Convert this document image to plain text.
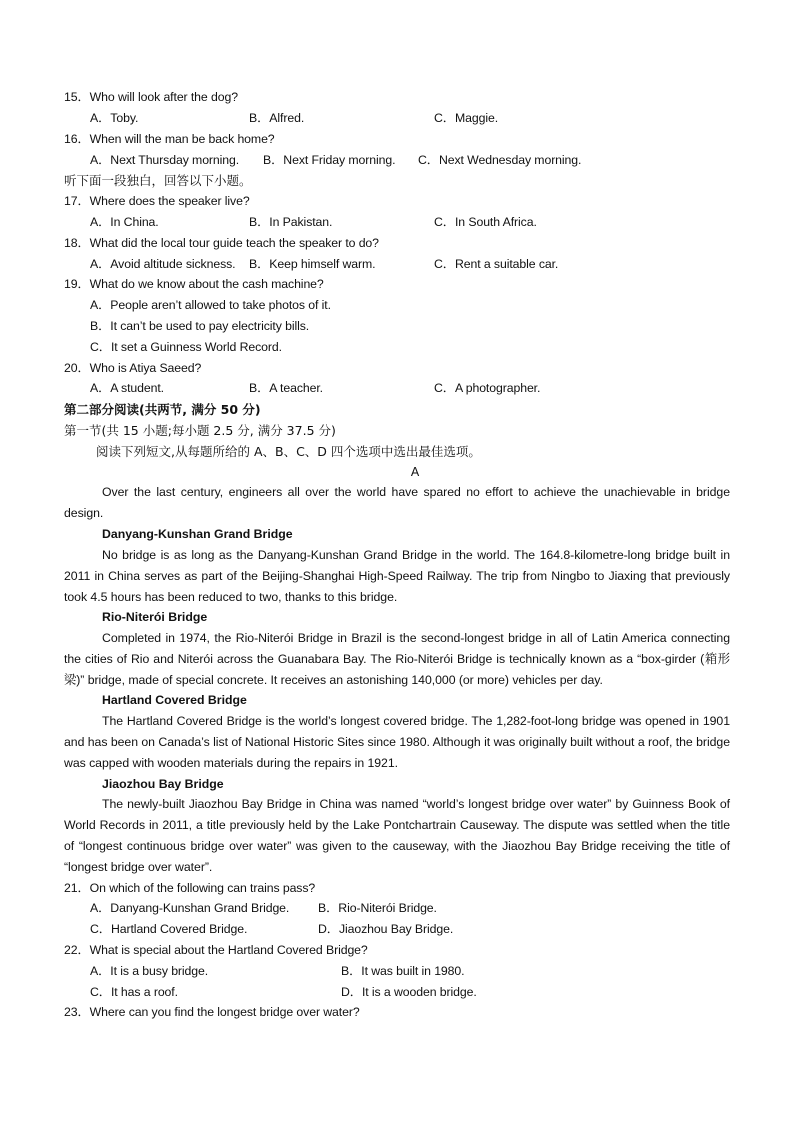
15．Who will look after the dog?
A．Toby.	B．Alfred.	C．Maggie.
16．When will the man be back home?
A．Next Thursday morning. B．Next Friday morning. C．Next Wednesday morning.
听下面一段独白，回答以下小题。
17．Where does the speaker live?
A．In China.	B．In Pakistan.	C．In South Africa.
18．What did the local tour guide teach the speaker to do?
A．Avoid altitude sickness. B．Keep himself warm.	C．Rent a suitable car.
19．What do we know about the cash machine?
A．People aren’t allowed to take photos of it.
B．It can’t be used to pay electricity bills.
C．It set a Guinness World Record.
20．Who is Atiya Saeed?
A．A student.	B．A teacher.	C．A photographer.
第二部分阅读(共两节, 满分 50 分)
第一节(共 15 小题;每小题 2.5 分, 满分 37.5 分)
阅读下列短文,从每题所给的 A、B、C、D 四个选项中选出最佳选项。
A
Over the last century, engineers all over the world have spared no effort to achieve the unachievable in bridge design.
Danyang-Kunshan Grand Bridge
No bridge is as long as the Danyang-Kunshan Grand Bridge in the world. The 164.8-kilometre-long bridge built in 2011 in China serves as part of the Beijing-Shanghai High-Speed Railway. The trip from Ningbo to Jiaxing that previously took 4.5 hours has been reduced to two, thanks to this bridge.
Rio-Niterói Bridge
Completed in 1974, the Rio-Niterói Bridge in Brazil is the second-longest bridge in all of Latin America connecting the cities of Rio and Niterói across the Guanabara Bay. The Rio-Niterói Bridge is technically known as a “box-girder (箱形梁)” bridge, made of special concrete. It receives an astonishing 140,000 (or more) vehicles per day.
Hartland Covered Bridge
The Hartland Covered Bridge is the world’s longest covered bridge. The 1,282-foot-long bridge was opened in 1901 and has been on Canada’s list of National Historic Sites since 1980. Although it was originally built without a roof, the bridge was capped with wooden materials during the repairs in 1921.
Jiaozhou Bay Bridge
The newly-built Jiaozhou Bay Bridge in China was named “world’s longest bridge over water” by Guinness Book of World Records in 2011, a title previously held by the Lake Pontchartrain Causeway. The dispute was settled when the title of “longest continuous bridge over water” was given to the causeway, with the Jiaozhou Bay Bridge receiving the title of “longest bridge over water”.
21．On which of the following can trains pass?
A．Danyang-Kunshan Grand Bridge. B．Rio-Niterói Bridge.
C．Hartland Covered Bridge.	D．Jiaozhou Bay Bridge.
22．What is special about the Hartland Covered Bridge?
A．It is a busy bridge.	B．It was built in 1980.
C．It has a roof.	D．It is a wooden bridge.
23．Where can you find the longest bridge over water?
